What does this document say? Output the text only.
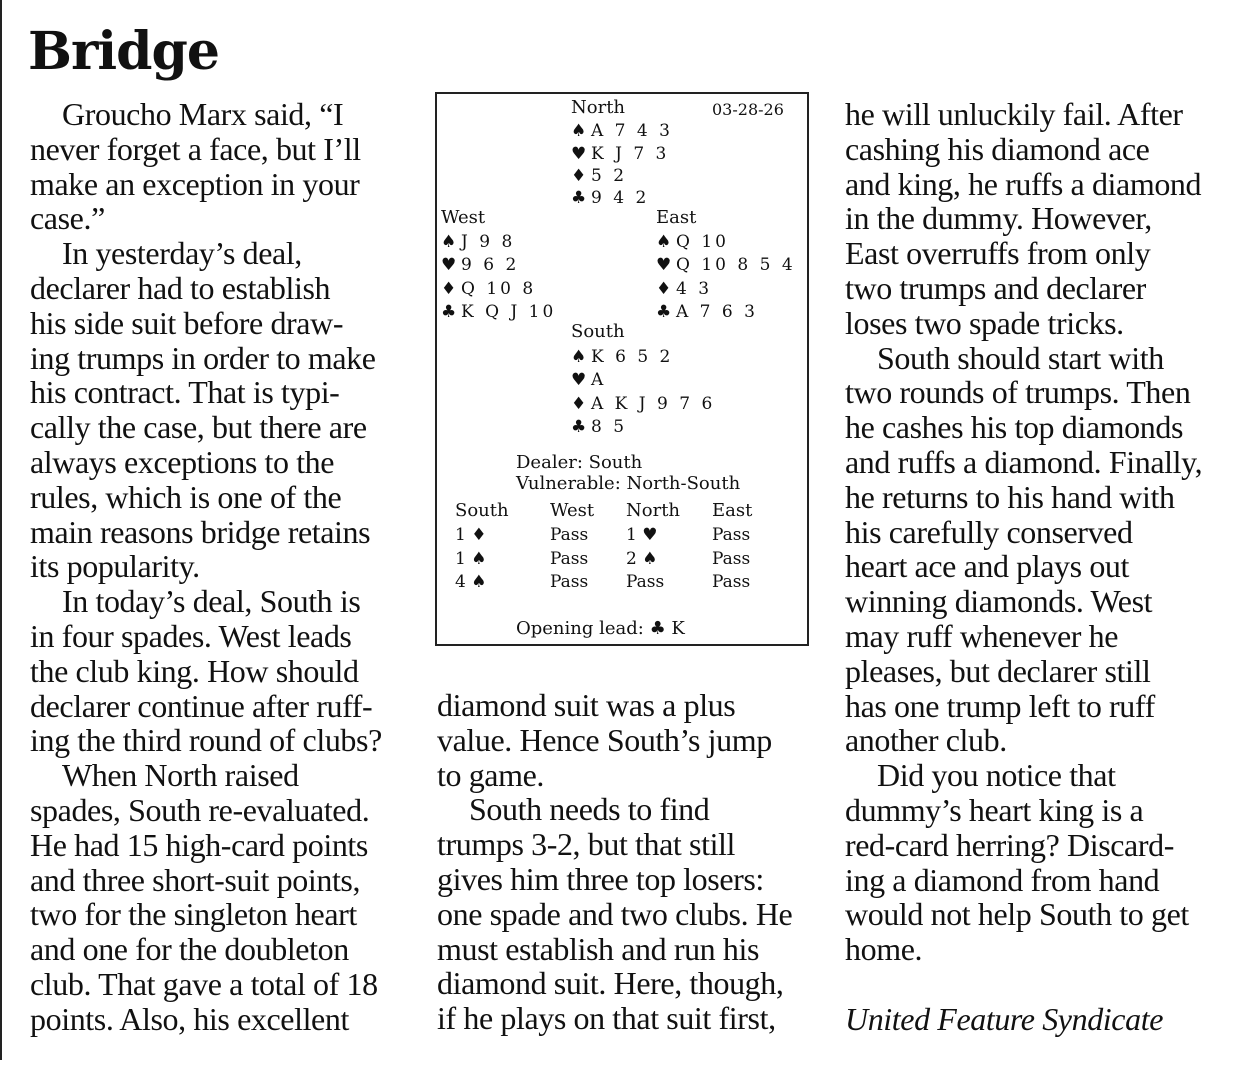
Bridge

Groucho Marx said, “I

never forget a face, but I’ll

make an exception in your

case.”

In yesterday’s deal,

declarer had to establish

his side suit before draw-

ing trumps in order to make

his contract. That is typi-

cally the case, but there are

always exceptions to the

rules, which is one of the

main reasons bridge retains

its popularity.

In today’s deal, South is

in four spades. West leads

the club king. How should

declarer continue after ruff-

ing the third round of clubs?

When North raised

spades, South re-evaluated.

He had 15 high-card points

and three short-suit points,

two for the singleton heart

and one for the doubleton

club. That gave a total of 18

points. Also, his excellent

North	03-28-26
♠ A 7 4 3
♥ K J 7 3
♦ 5 2
♣ 9 4 2
West
♠ J 9 8
♥ 9 6 2
♦ Q 10 8
♣ K Q J 10
East
♠ Q 10
♥ Q 10 8 5 4
♦ 4 3
♣ A 7 6 3
South
♠ K 6 5 2
♥ A
♦ A K J 9 7 6
♣ 8 5
Dealer: South
Vulnerable: North-South
South West North East
1 ♦	Pass 1 ♥	Pass
1 ♠	Pass 2 ♠	Pass
4 ♠	Pass Pass	Pass
Opening lead: ♣ K

diamond suit was a plus

value. Hence South’s jump

to game.

South needs to find

trumps 3-2, but that still

gives him three top losers:

one spade and two clubs. He

must establish and run his

diamond suit. Here, though,

if he plays on that suit first,

he will unluckily fail. After

cashing his diamond ace

and king, he ruffs a diamond

in the dummy. However,

East overruffs from only

two trumps and declarer

loses two spade tricks.

South should start with

two rounds of trumps. Then

he cashes his top diamonds

and ruffs a diamond. Finally,

he returns to his hand with

his carefully conserved

heart ace and plays out

winning diamonds. West

may ruff whenever he

pleases, but declarer still

has one trump left to ruff

another club.

Did you notice that

dummy’s heart king is a

red-card herring? Discard-

ing a diamond from hand

would not help South to get

home.

United Feature Syndicate
